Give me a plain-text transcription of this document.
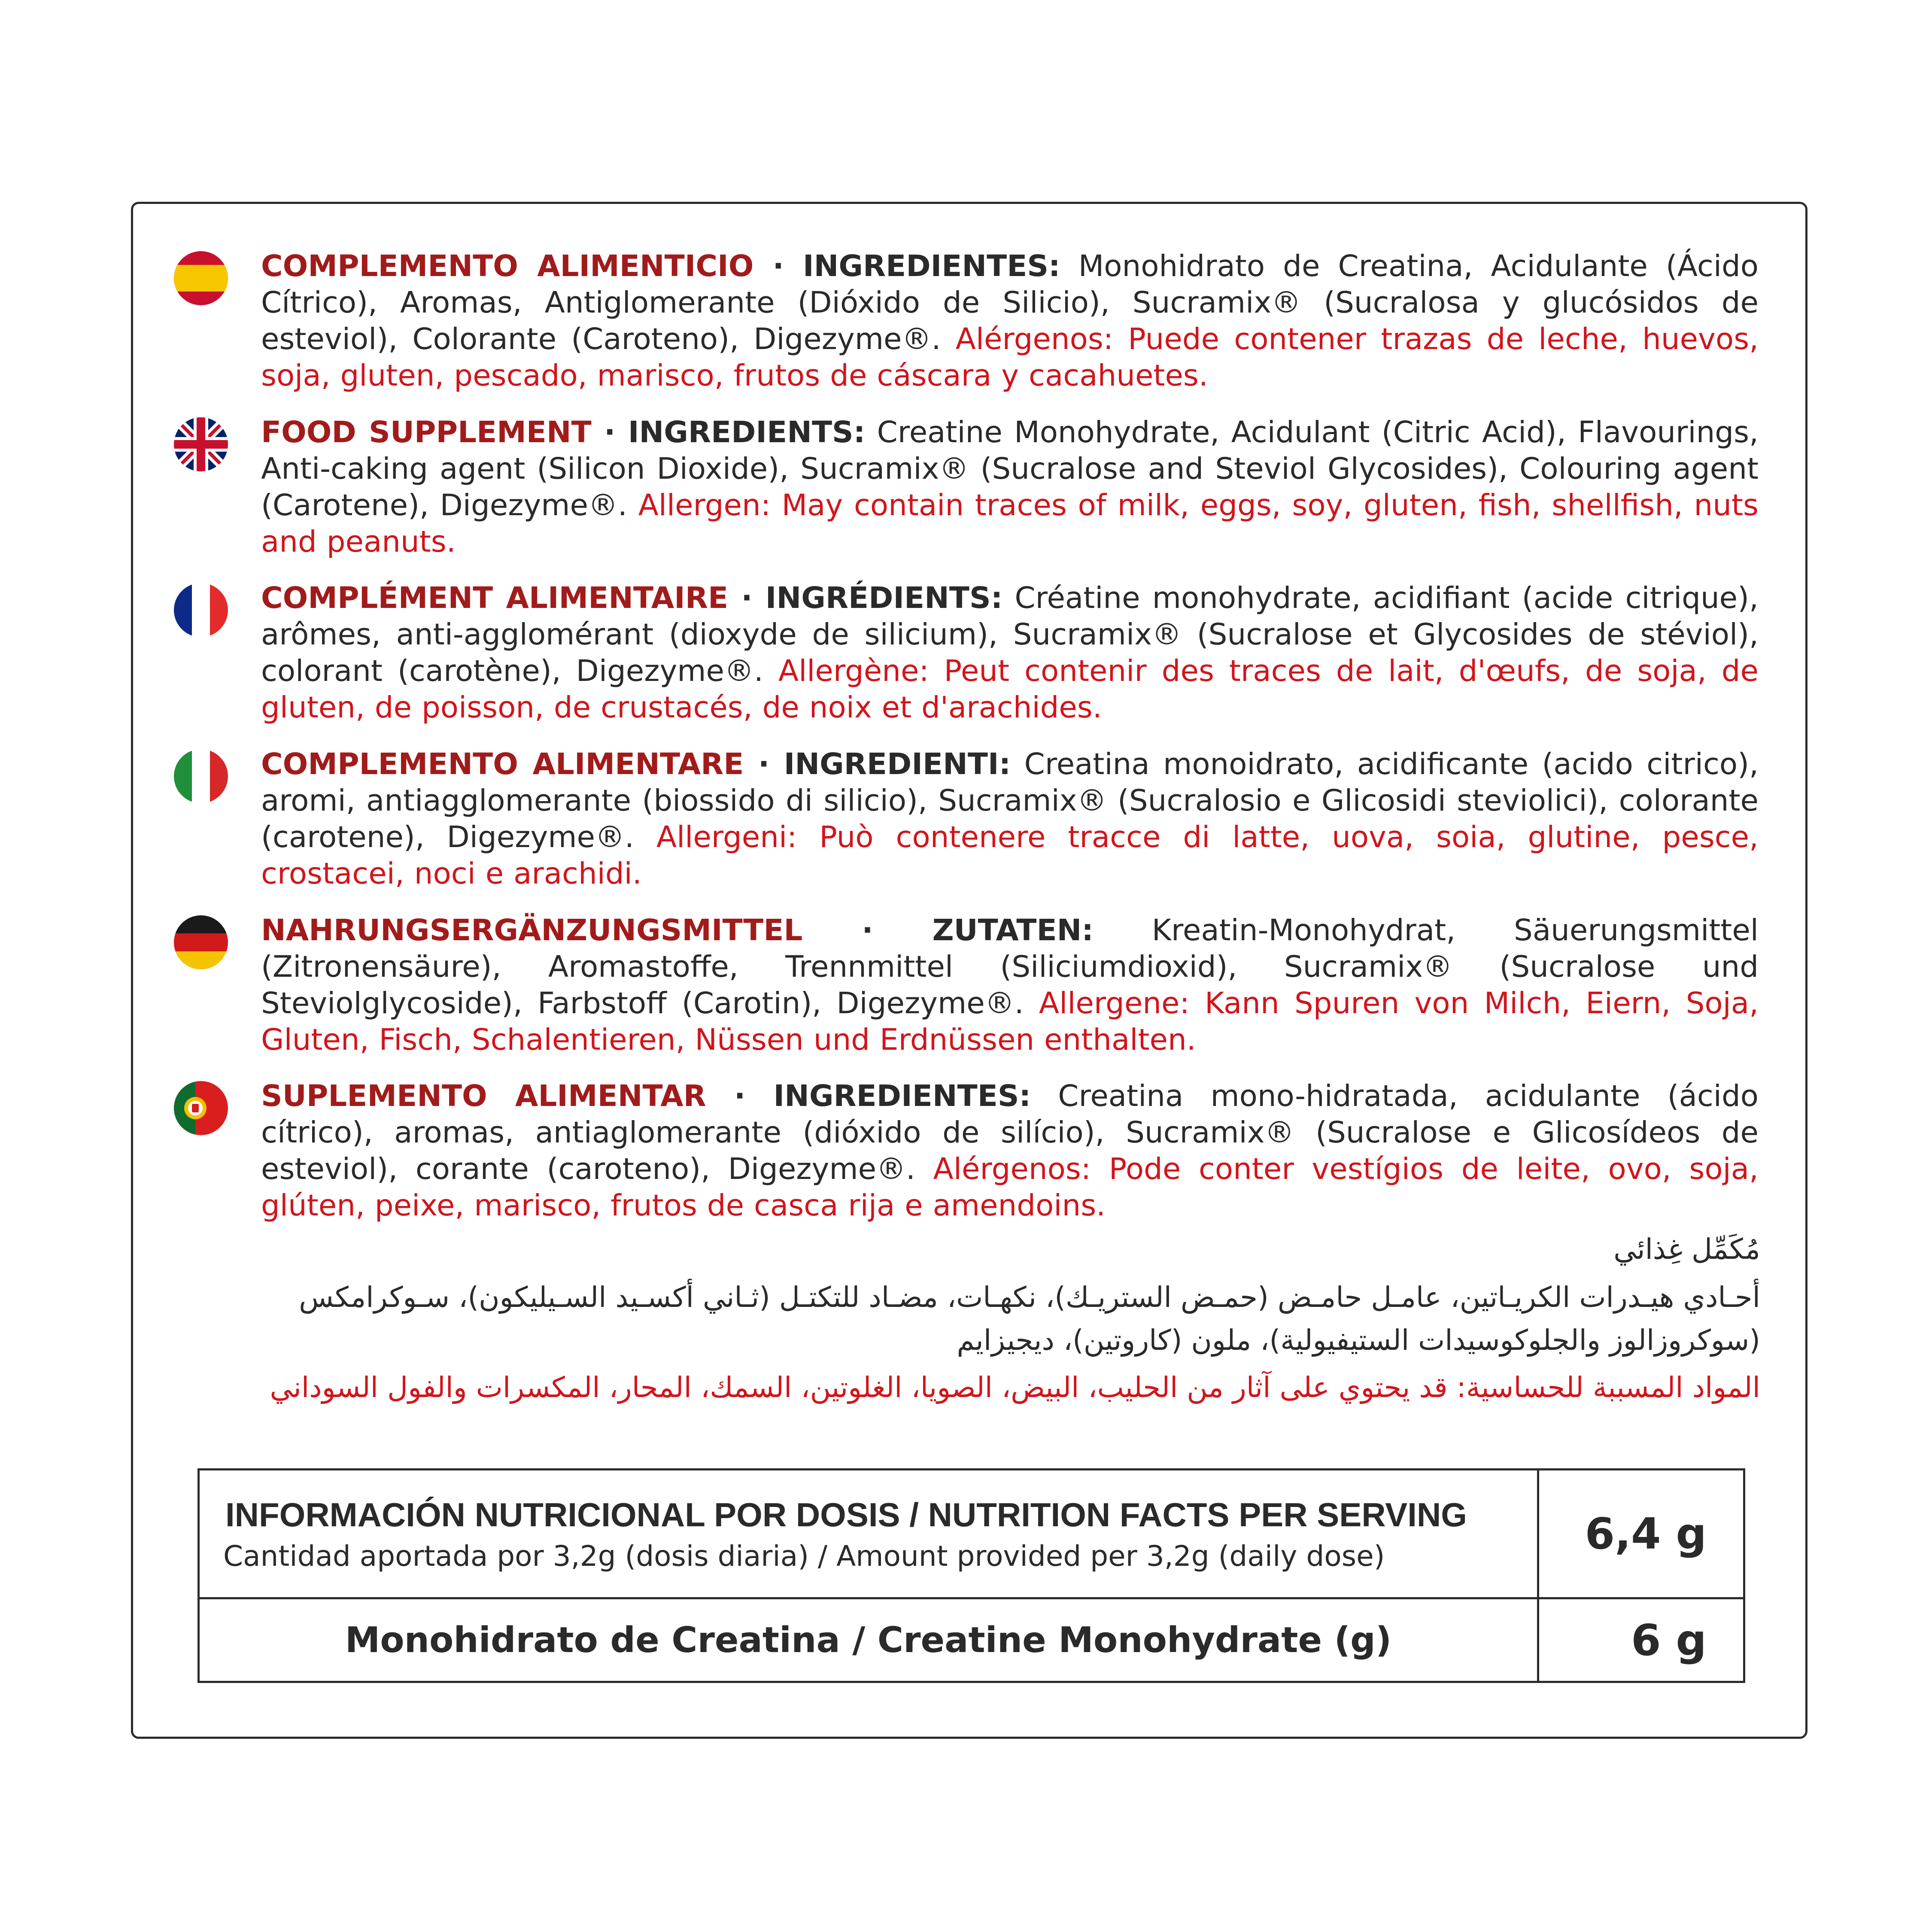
COMPLEMENTO ALIMENTICIO · INGREDIENTES: Monohidrato de Creatina, Acidulante (Ácido Cítrico), Aromas, Antiglomerante (Dióxido de Silicio), Sucramix® (Sucralosa y glucósidos de esteviol), Colorante (Caroteno), Digezyme®. Alérgenos: Puede contener trazas de leche, huevos, soja, gluten, pescado, marisco, frutos de cáscara y cacahuetes.
FOOD SUPPLEMENT · INGREDIENTS: Creatine Monohydrate, Acidulant (Citric Acid), Flavourings, Anti-caking agent (Silicon Dioxide), Sucramix® (Sucralose and Steviol Glycosides), Colouring agent (Carotene), Digezyme®. Allergen: May contain traces of milk, eggs, soy, gluten, fish, shellfish, nuts and peanuts.
COMPLÉMENT ALIMENTAIRE · INGRÉDIENTS: Créatine monohydrate, acidifiant (acide citrique), arômes, anti-agglomérant (dioxyde de silicium), Sucramix® (Sucralose et Glycosides de stéviol), colorant (carotène), Digezyme®. Allergène: Peut contenir des traces de lait, d'œufs, de soja, de gluten, de poisson, de crustacés, de noix et d'arachides.
COMPLEMENTO ALIMENTARE · INGREDIENTI: Creatina monoidrato, acidificante (acido citrico), aromi, antiagglomerante (biossido di silicio), Sucramix® (Sucralosio e Glicosidi steviolici), colorante (carotene), Digezyme®. Allergeni: Può contenere tracce di latte, uova, soia, glutine, pesce, crostacei, noci e arachidi.
NAHRUNGSERGÄNZUNGSMITTEL · ZUTATEN: Kreatin-Monohydrat, Säuerungsmittel (Zitronensäure), Aromastoffe, Trennmittel (Siliciumdioxid), Sucramix® (Sucralose und Steviolglycoside), Farbstoff (Carotin), Digezyme®. Allergene: Kann Spuren von Milch, Eiern, Soja, Gluten, Fisch, Schalentieren, Nüssen und Erdnüssen enthalten.
SUPLEMENTO ALIMENTAR · INGREDIENTES: Creatina mono-hidratada, acidulante (ácido cítrico), aromas, antiaglomerante (dióxido de silício), Sucramix® (Sucralose e Glicosídeos de esteviol), corante (caroteno), Digezyme®. Alérgenos: Pode conter vestígios de leite, ovo, soja, glúten, peixe, marisco, frutos de casca rija e amendoins.
مُكَمِّل غِذائي
أحـادي هيـدرات الكريـاتين، عامـل حامـض (حمـض الستريـك)، نكهـات، مضـاد للتكتـل (ثـاني أكسـيد السـيليكون)، سـوكرامكس (سوكروزالوز والجلوكوسيدات الستيفيولية)، ملون (كاروتين)، ديجيزايم
المواد المسببة للحساسية: قد يحتوي على آثار من الحليب، البيض، الصويا، الغلوتين، السمك، المحار، المكسرات والفول السوداني
INFORMACIÓN NUTRICIONAL POR DOSIS / NUTRITION FACTS PER SERVING
Cantidad aportada por 3,2g (dosis diaria) / Amount provided per 3,2g (daily dose)	6,4 g
Monohidrato de Creatina / Creatine Monohydrate (g)	6 g
